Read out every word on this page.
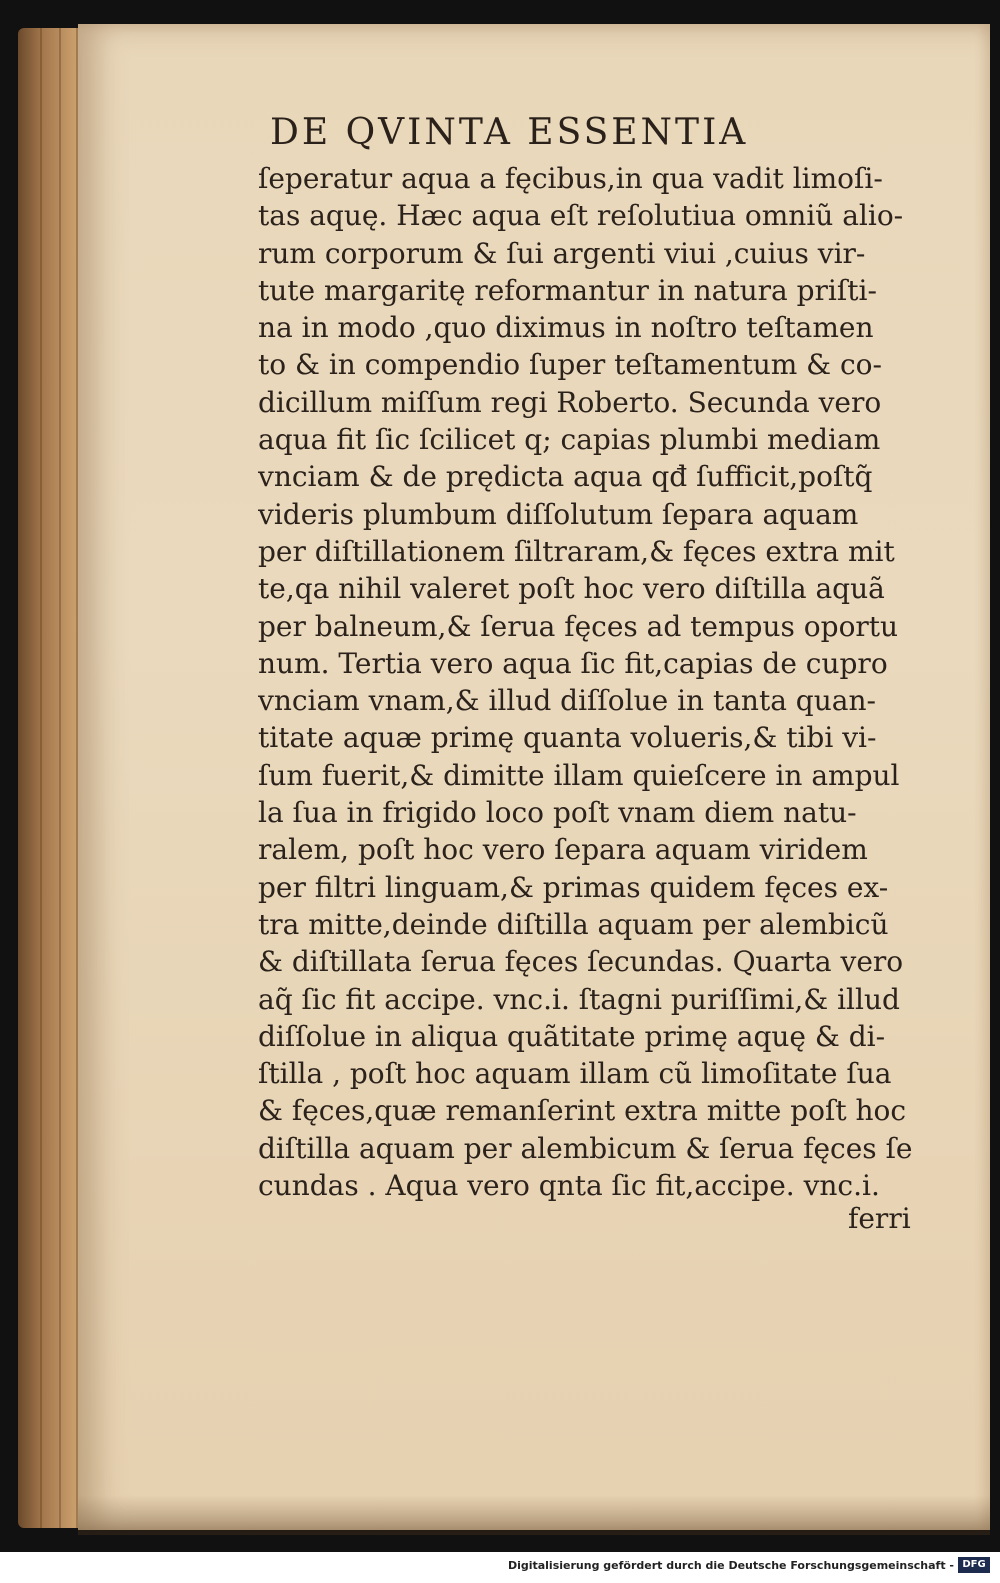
DE QVINTA ESSENTIA
ſeperatur aqua a fęcibus,in qua vadit limoſi-
tas aquę. Hæc aqua eſt reſolutiua omniũ alio-
rum corporum & ſui argenti viui ,cuius vir-
tute margaritę reformantur in natura priſti-
na in modo ,quo diximus in noſtro teſtamen
to & in compendio ſuper teſtamentum & co-
dicillum miſſum regi Roberto. Secunda vero
aqua fit ſic ſcilicet q; capias plumbi mediam
vnciam & de prędicta aqua qđ ſufficit,poſtq̃
videris plumbum diſſolutum ſepara aquam
per diſtillationem ſiltraram,& fęces extra mit
te,qa nihil valeret poſt hoc vero diſtilla aquã
per balneum,& ſerua fęces ad tempus oportu
num. Tertia vero aqua ſic fit,capias de cupro
vnciam vnam,& illud diſſolue in tanta quan-
titate aquæ primę quanta volueris,& tibi vi-
ſum fuerit,& dimitte illam quieſcere in ampul
la ſua in frigido loco poſt vnam diem natu-
ralem, poſt hoc vero ſepara aquam viridem
per filtri linguam,& primas quidem fęces ex-
tra mitte,deinde diſtilla aquam per alembicũ
& diſtillata ſerua fęces ſecundas. Quarta vero
aq̃ ſic fit accipe. vnc.i. ſtagni puriſſimi,& illud
diſſolue in aliqua quãtitate primę aquę & di-
ſtilla , poſt hoc aquam illam cũ limoſitate ſua
& fęces,quæ remanſerint extra mitte poſt hoc
diſtilla aquam per alembicum & ſerua fęces ſe
cundas . Aqua vero qnta ſic fit,accipe. vnc.i.
ferri
Digitalisierung gefördert durch die Deutsche Forschungsgemeinschaft - DFG
